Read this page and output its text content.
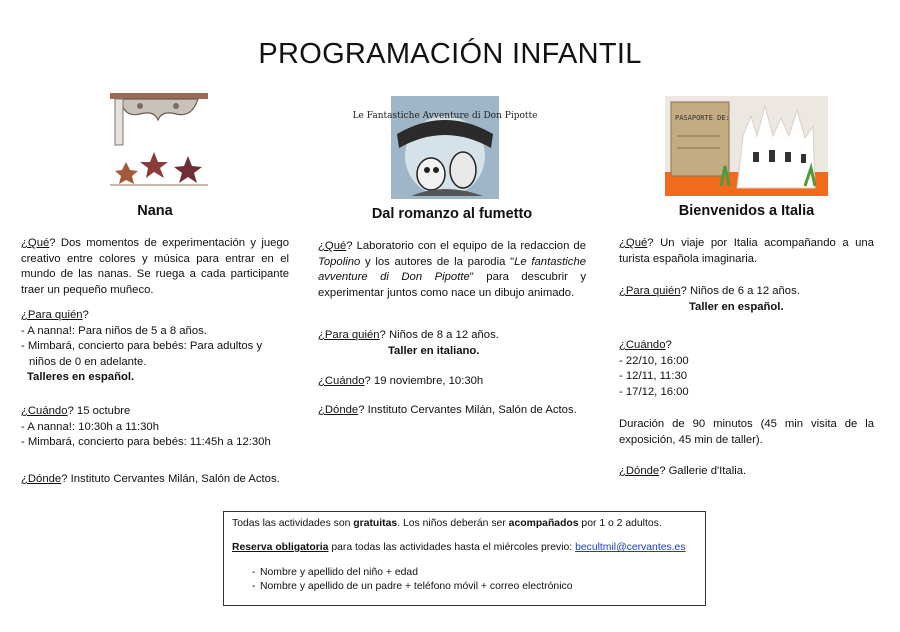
PROGRAMACIÓN INFANTIL
Le Fantastiche Avventure di Don Pipotte	PASAPORTE DE:
Nana

¿Qué? Dos momentos de experimentación y juego creativo entre colores y música para entrar en el mundo de las nanas. Se ruega a cada participante traer un pequeño muñeco.

¿Para quién?

- A nanna!: Para niños de 5 a 8 años.

- Mimbará, concierto para bebés: Para adultos y

niños de 0 en adelante.

Talleres en español.

¿Cuándo? 15 octubre

- A nanna!: 10:30h a 11:30h

- Mimbará, concierto para bebés: 11:45h a 12:30h

¿Dónde? Instituto Cervantes Milán, Salón de Actos.

Dal romanzo al fumetto

¿Qué? Laboratorio con el equipo de la redaccion de Topolino y los autores de la parodia "Le fantastiche avventure di Don Pipotte" para descubrir y experimentar juntos como nace un dibujo animado.

¿Para quién? Niños de 8 a 12 años.

Taller en italiano.

¿Cuándo? 19 noviembre, 10:30h

¿Dónde? Instituto Cervantes Milán, Salón de Actos.

Bienvenidos a Italia

¿Qué? Un viaje por Italia acompañando a una turista española imaginaria.

¿Para quién? Niños de 6 a 12 años.

Taller en español.

¿Cuándo?

- 22/10, 16:00

- 12/11, 11:30

- 17/12, 16:00

Duración de 90 minutos (45 min visita de la exposición, 45 min de taller).

¿Dónde? Gallerie d'Italia.

Todas las actividades son gratuitas. Los niños deberán ser acompañados por 1 o 2 adultos.

Reserva obligatoria para todas las actividades hasta el miércoles previo: becultmil@cervantes.es

- Nombre y apellido del niño + edad

- Nombre y apellido de un padre + teléfono móvil + correo electrónico
